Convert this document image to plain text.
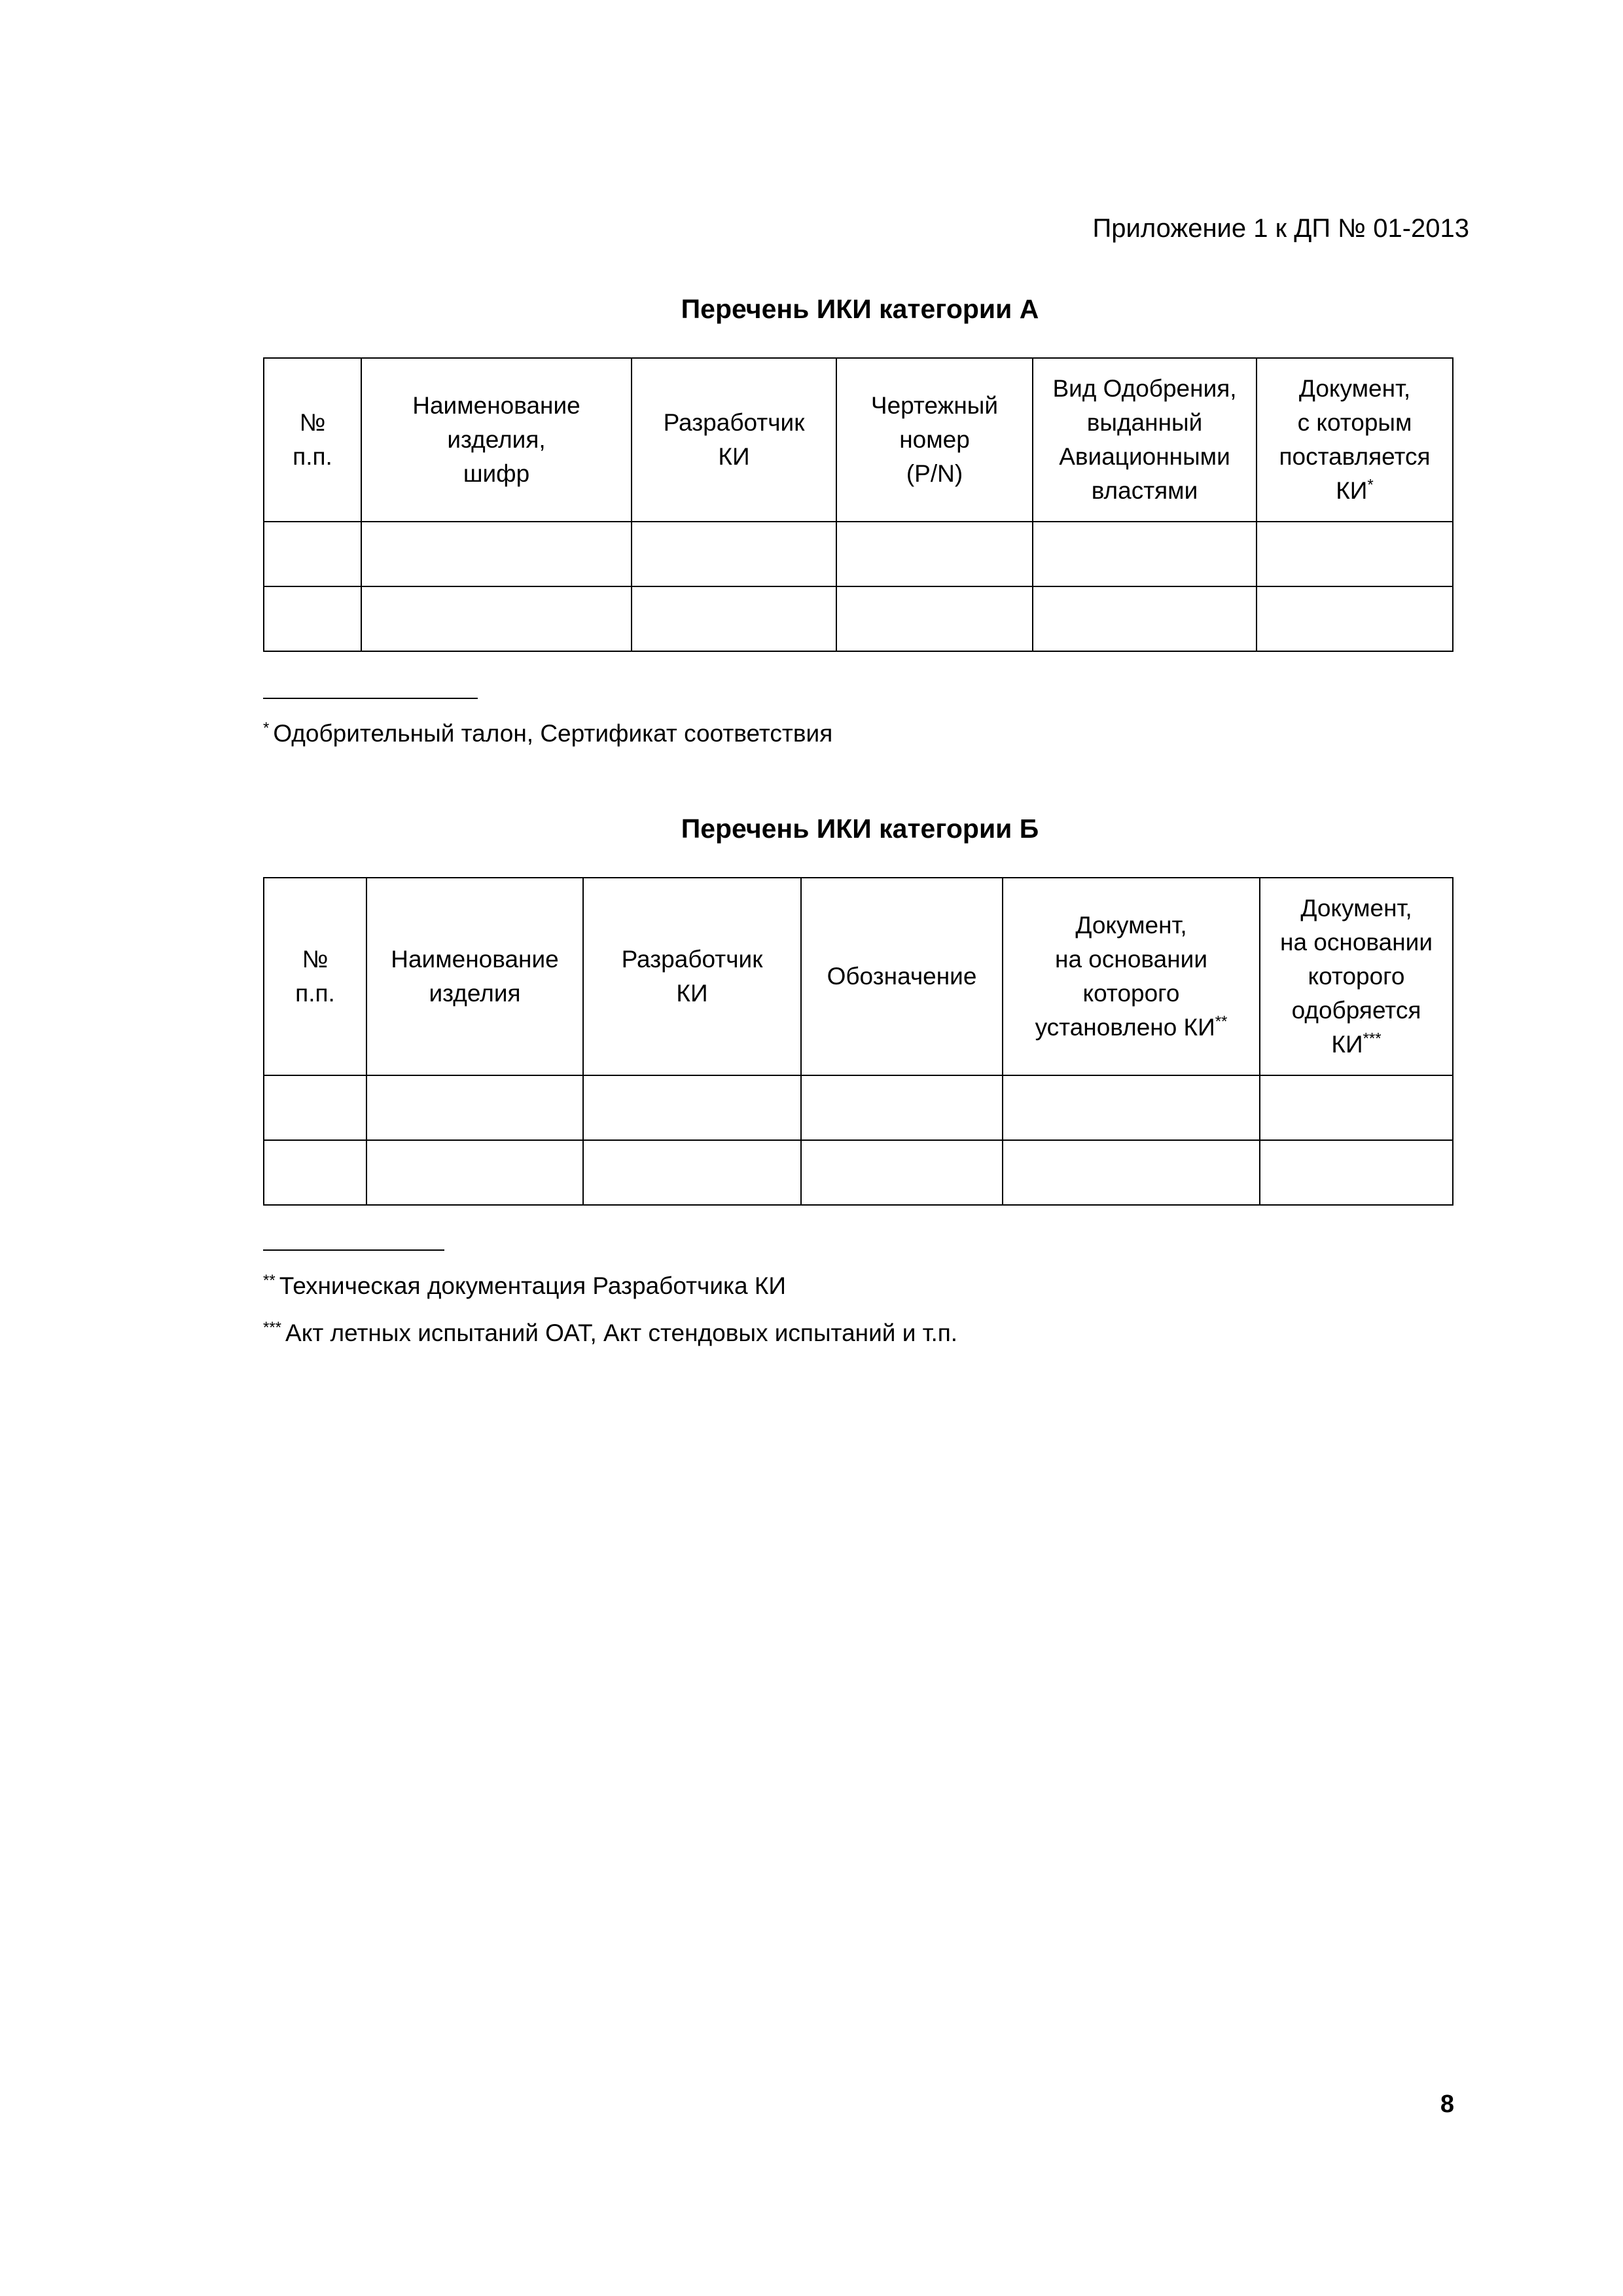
Приложение 1 к ДП № 01-2013
Перечень ИКИ категории А
№
п.п.	Наименование
изделия,
шифр	Разработчик
КИ	Чертежный
номер
(P/N)	Вид Одобрения,
выданный
Авиационными
властями	Документ,
с которым
поставляется
КИ*

* Одобрительный талон, Сертификат соответствия
Перечень ИКИ категории Б
№
п.п.	Наименование
изделия	Разработчик
КИ	Обозначение	Документ,
на основании
которого
установлено КИ**	Документ,
на основании
которого
одобряется
КИ***

** Техническая документация Разработчика КИ
*** Акт летных испытаний ОАТ, Акт стендовых испытаний и т.п.
8
